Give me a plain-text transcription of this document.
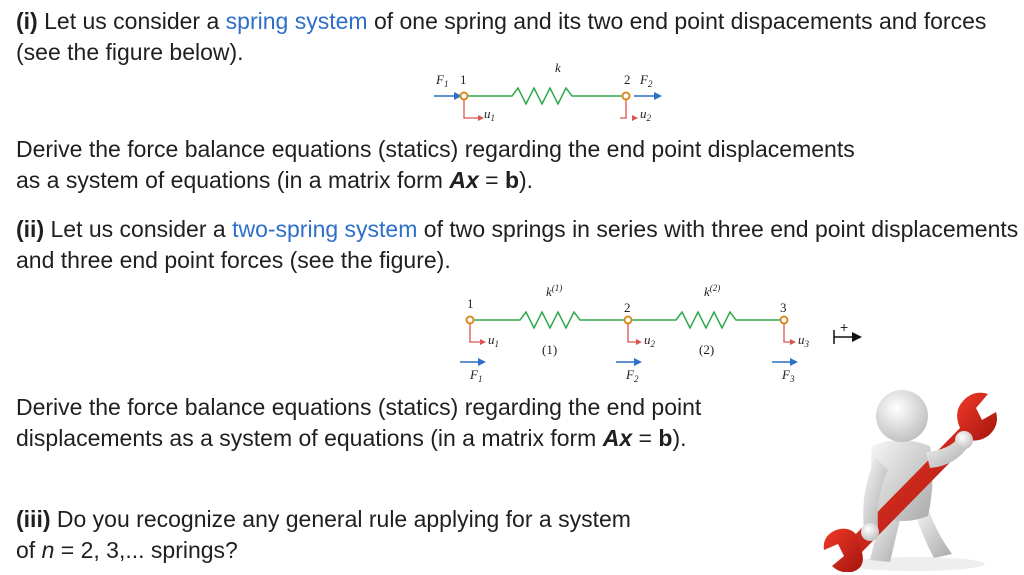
(i) Let us consider a spring system of one spring and its two end point dispacements and forces (see the figure below).

k
$F_1$ 1	2 $F_2$
$u_1$	$u_2$

Derive the force balance equations (statics) regarding the end point displacements
as a system of equations (in a matrix form Ax = b).

(ii) Let us consider a two-spring system of two springs in series with three end point displacements and three end point forces (see the figure).

$k^{(1)}$	$k^{(2)}$
1	2	3
$u_1$	$u_2$	$u_3$
(1)	(2)
$F_1$	$F_2$	$F_3$
+

Derive the force balance equations (statics) regarding the end point displacements as a system of equations (in a matrix form Ax = b).

(iii) Do you recognize any general rule applying for a system
of n = 2, 3,... springs?
